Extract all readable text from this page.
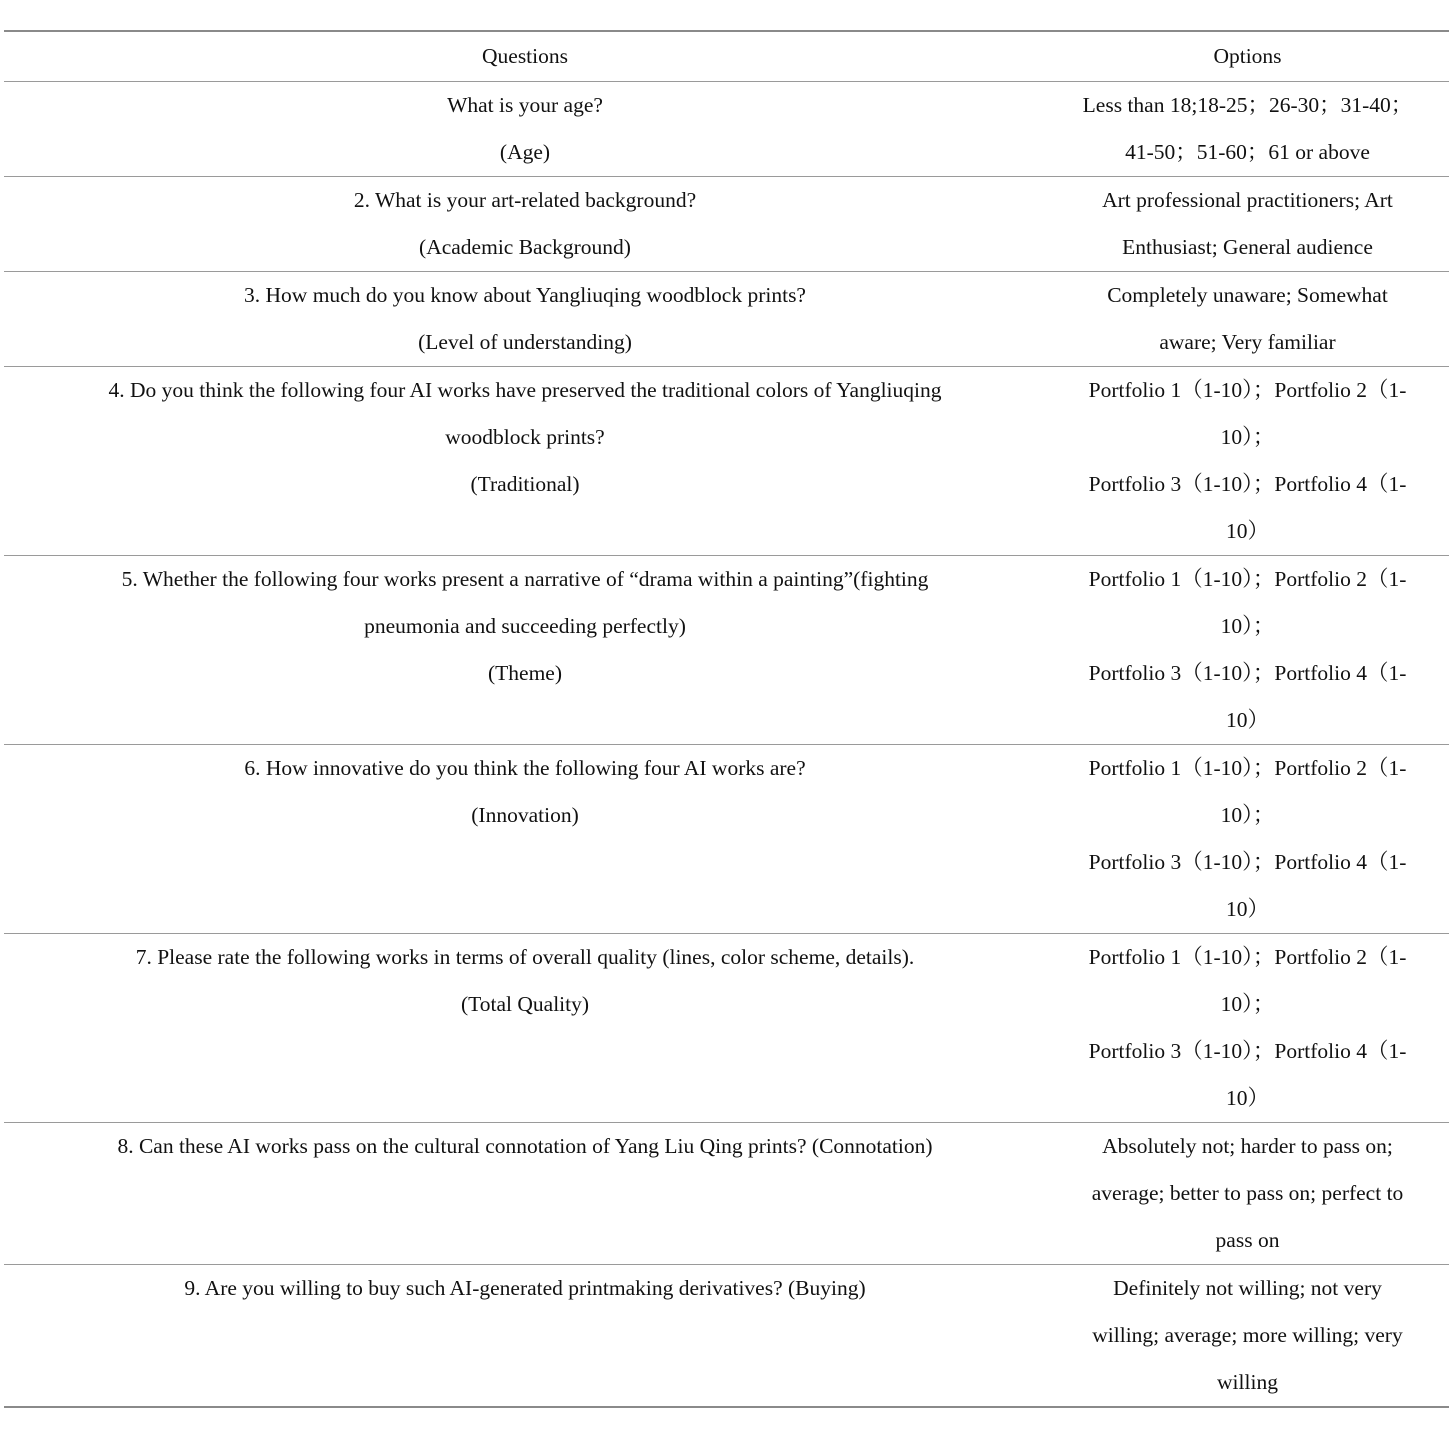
Questions	Options

What is your age?
(Age)	Less than 18;18-25；26-30；31-40；
41-50；51-60；61 or above

2. What is your art-related background?
(Academic Background)	Art professional practitioners; Art
Enthusiast; General audience

3. How much do you know about Yangliuqing woodblock prints?
(Level of understanding)	Completely unaware; Somewhat
aware; Very familiar

4. Do you think the following four AI works have preserved the traditional colors of Yangliuqing
woodblock prints?
(Traditional)	Portfolio 1（1-10）；Portfolio 2（1-
10）；
Portfolio 3（1-10）；Portfolio 4（1-
10）

5. Whether the following four works present a narrative of “drama within a painting”(fighting
pneumonia and succeeding perfectly)
(Theme)	Portfolio 1（1-10）；Portfolio 2（1-
10）；
Portfolio 3（1-10）；Portfolio 4（1-
10）

6. How innovative do you think the following four AI works are?
(Innovation)	Portfolio 1（1-10）；Portfolio 2（1-
10）；
Portfolio 3（1-10）；Portfolio 4（1-
10）

7. Please rate the following works in terms of overall quality (lines, color scheme, details).
(Total Quality)	Portfolio 1（1-10）；Portfolio 2（1-
10）；
Portfolio 3（1-10）；Portfolio 4（1-
10）

8. Can these AI works pass on the cultural connotation of Yang Liu Qing prints? (Connotation)	Absolutely not; harder to pass on;
average; better to pass on; perfect to
pass on

9. Are you willing to buy such AI-generated printmaking derivatives? (Buying)	Definitely not willing; not very
willing; average; more willing; very
willing
